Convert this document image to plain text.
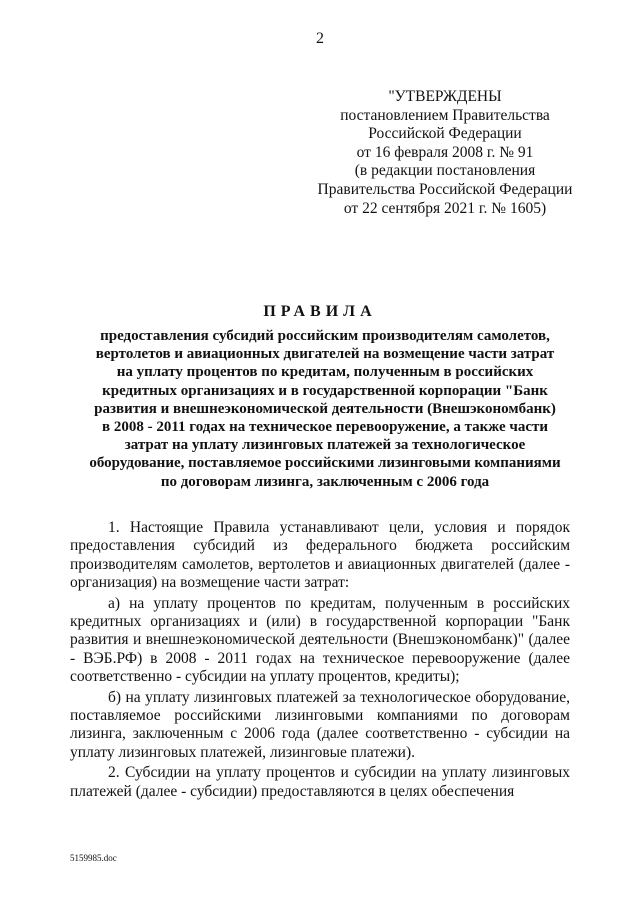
2
"УТВЕРЖДЕНЫ
постановлением Правительства
Российской Федерации
от 16 февраля 2008 г. № 91
(в редакции постановления
Правительства Российской Федерации
от 22 сентября 2021 г. № 1605)
ПРАВИЛА
предоставления субсидий российским производителям самолетов,
вертолетов и авиационных двигателей на возмещение части затрат
на уплату процентов по кредитам, полученным в российских
кредитных организациях и в государственной корпорации "Банк
развития и внешнеэкономической деятельности (Внешэкономбанк)
в 2008 - 2011 годах на техническое перевооружение, а также части
затрат на уплату лизинговых платежей за технологическое
оборудование, поставляемое российскими лизинговыми компаниями
по договорам лизинга, заключенным с 2006 года

1. Настоящие Правила устанавливают цели, условия и порядок предоставления субсидий из федерального бюджета российским производителям самолетов, вертолетов и авиационных двигателей (далее - организация) на возмещение части затрат:

а) на уплату процентов по кредитам, полученным в российских кредитных организациях и (или) в государственной корпорации "Банк развития и внешнеэкономической деятельности (Внешэкономбанк)" (далее - ВЭБ.РФ) в 2008 - 2011 годах на техническое перевооружение (далее соответственно - субсидии на уплату процентов, кредиты);

б) на уплату лизинговых платежей за технологическое оборудование, поставляемое российскими лизинговыми компаниями по договорам лизинга, заключенным с 2006 года (далее соответственно - субсидии на уплату лизинговых платежей, лизинговые платежи).

2. Субсидии на уплату процентов и субсидии на уплату лизинговых платежей (далее - субсидии) предоставляются в целях обеспечения

5159985.doc
